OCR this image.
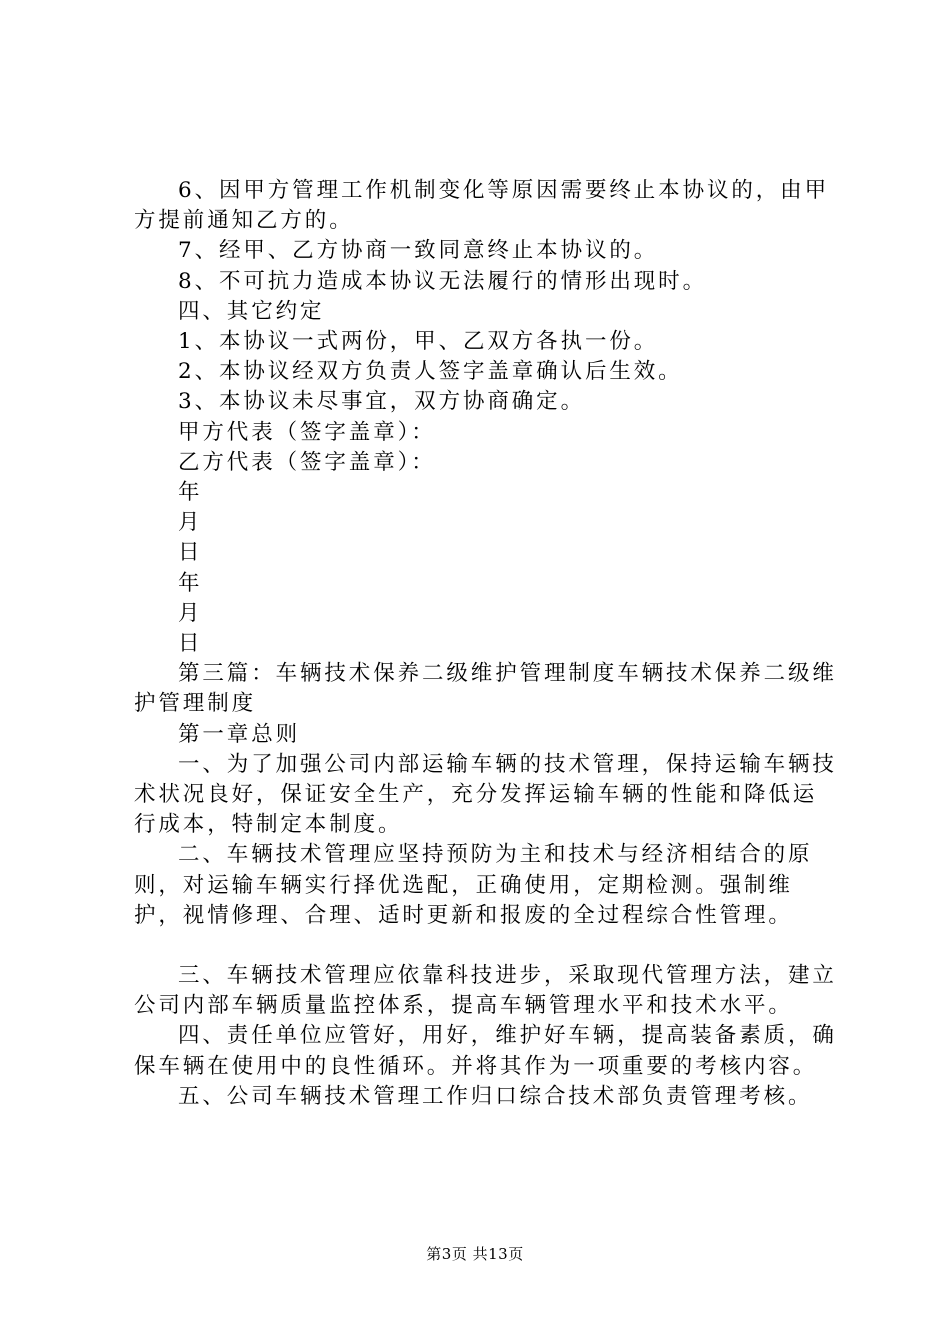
6、因甲方管理工作机制变化等原因需要终止本协议的，由甲方提前通知乙方的。

7、经甲、乙方协商一致同意终止本协议的。

8、不可抗力造成本协议无法履行的情形出现时。

四、其它约定

1、本协议一式两份，甲、乙双方各执一份。

2、本协议经双方负责人签字盖章确认后生效。

3、本协议未尽事宜，双方协商确定。

甲方代表（签字盖章）：

乙方代表（签字盖章）：

年

月

日

年

月

日

第三篇：车辆技术保养二级维护管理制度车辆技术保养二级维护管理制度

第一章总则

一、为了加强公司内部运输车辆的技术管理，保持运输车辆技术状况良好，保证安全生产，充分发挥运输车辆的性能和降低运行成本，特制定本制度。

二、车辆技术管理应坚持预防为主和技术与经济相结合的原则，对运输车辆实行择优选配，正确使用，定期检测。强制维护，视情修理、合理、适时更新和报废的全过程综合性管理。

三、车辆技术管理应依靠科技进步，采取现代管理方法，建立公司内部车辆质量监控体系，提高车辆管理水平和技术水平。

四、责任单位应管好，用好，维护好车辆，提高装备素质，确保车辆在使用中的良性循环。并将其作为一项重要的考核内容。

五、公司车辆技术管理工作归口综合技术部负责管理考核。

第3页 共13页
